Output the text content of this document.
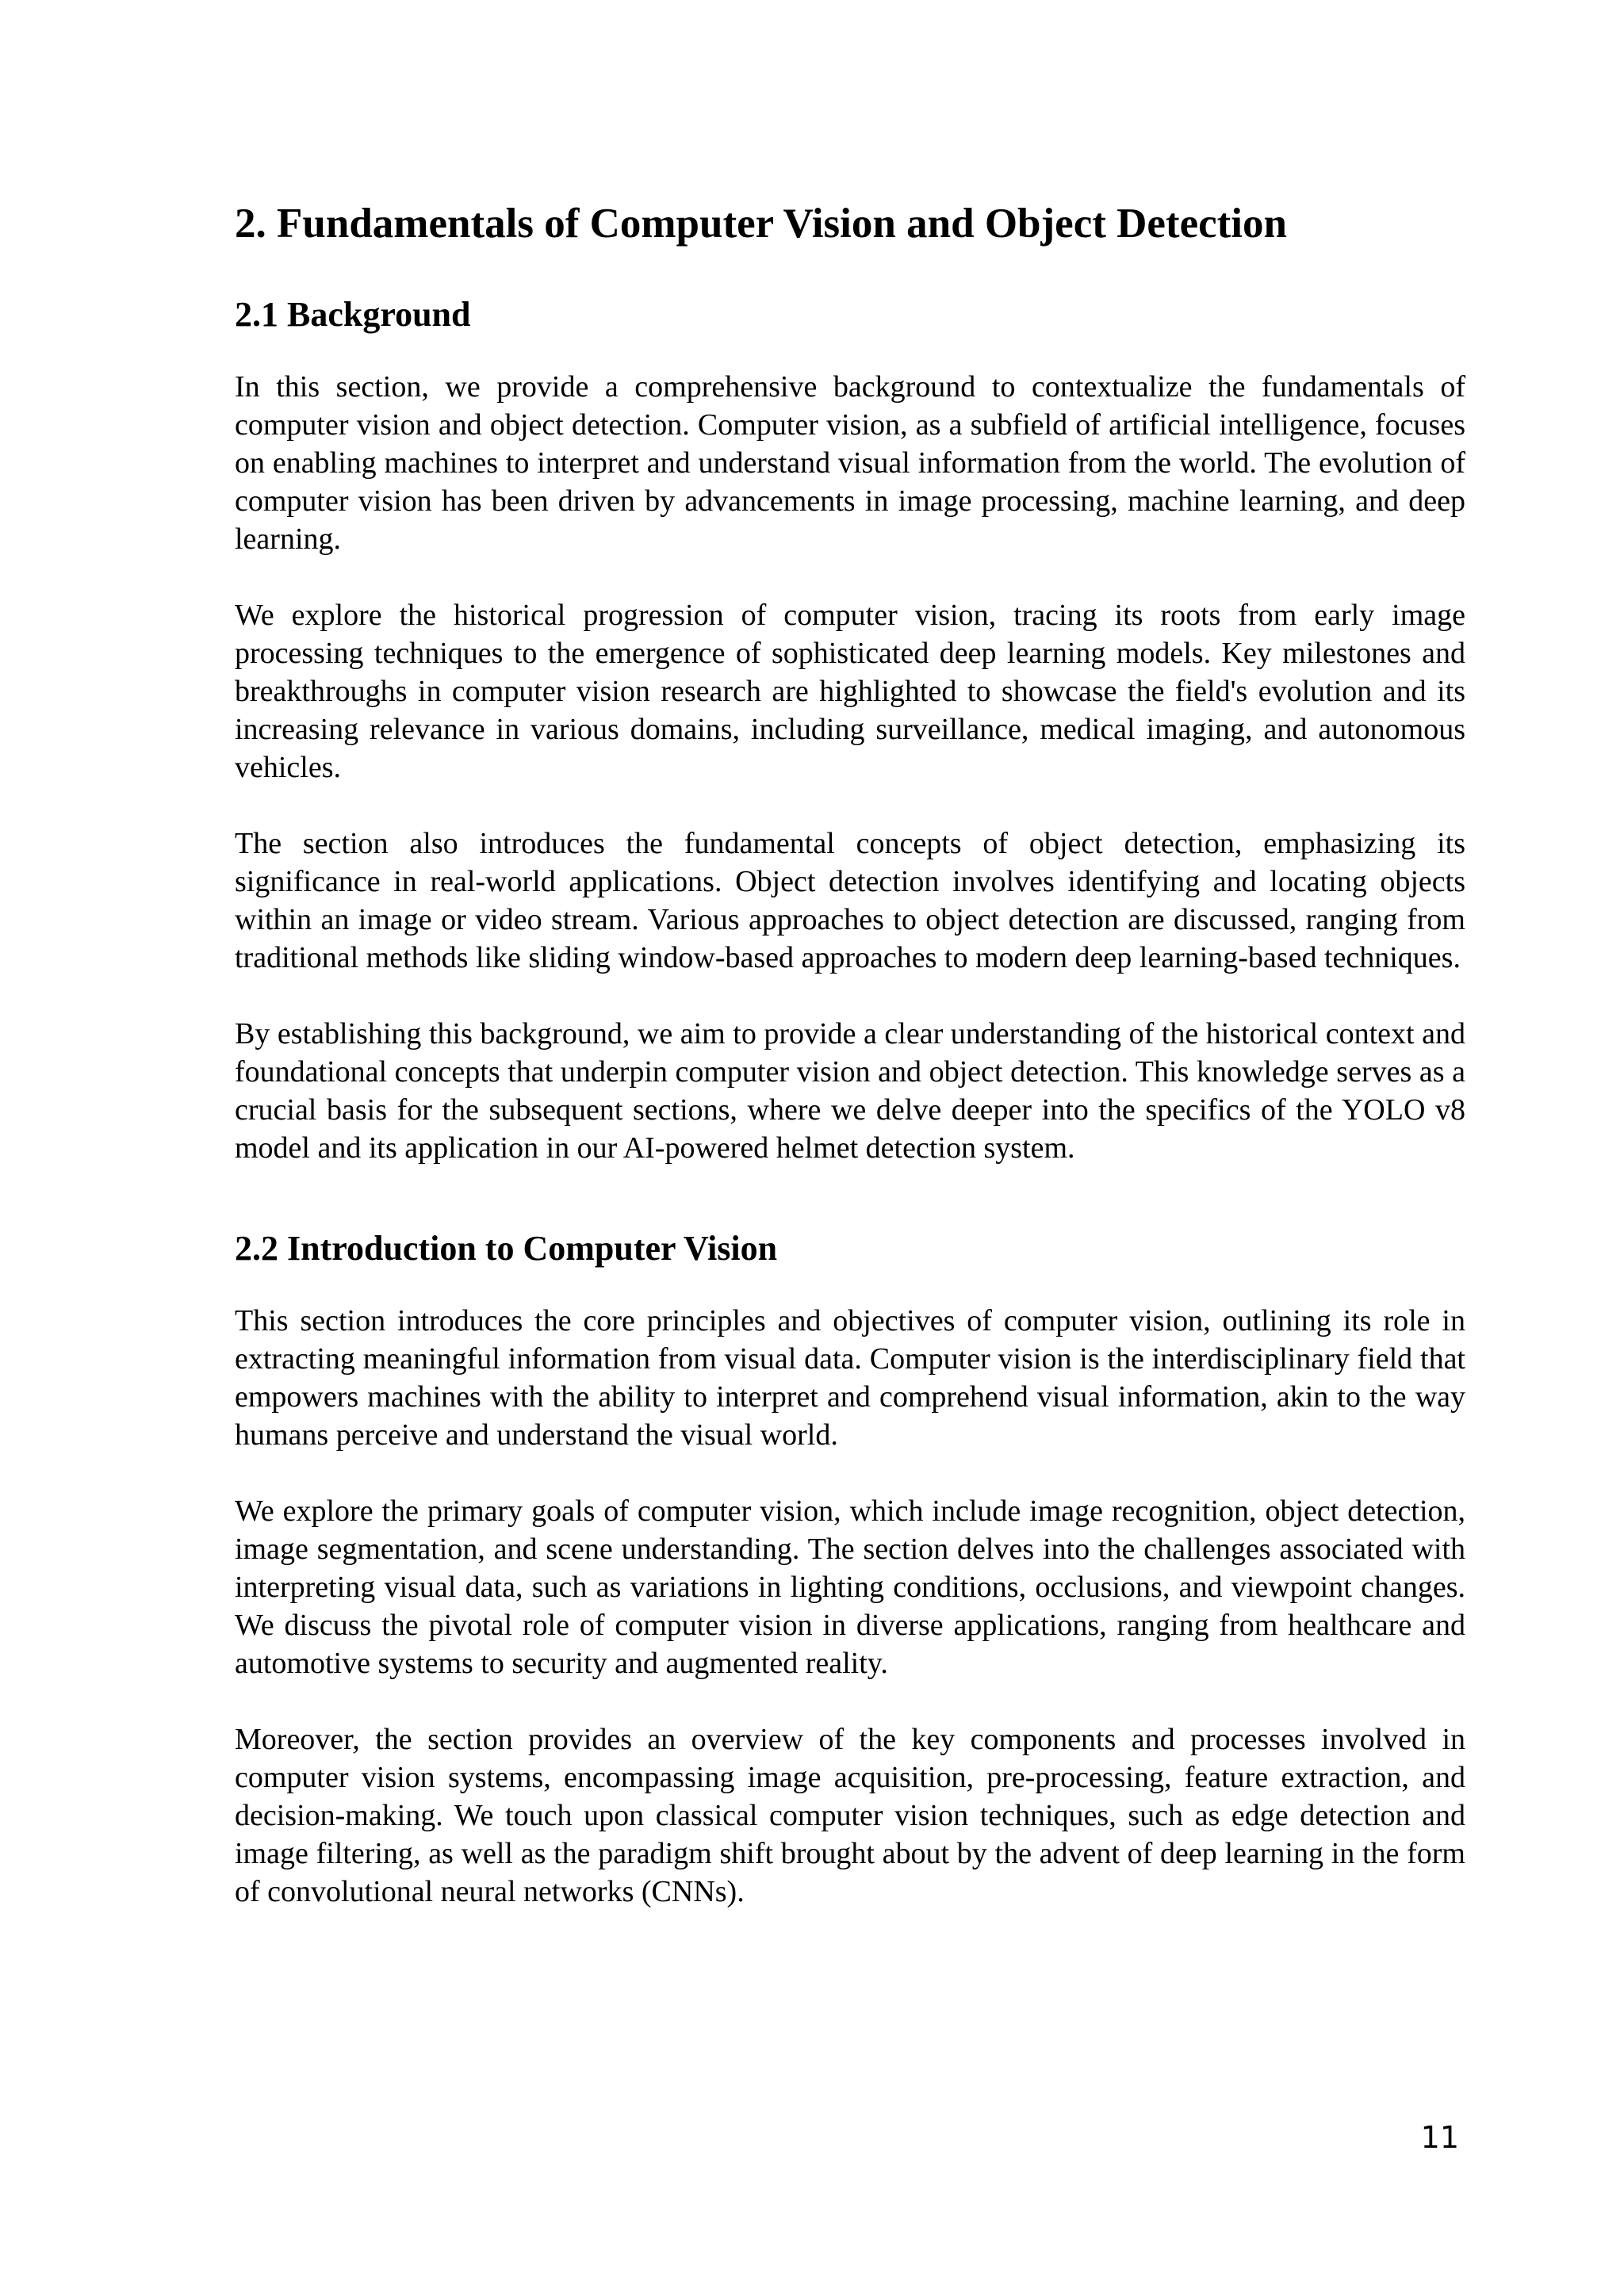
2. Fundamentals of Computer Vision and Object Detection
2.1 Background

In this section, we provide a comprehensive background to contextualize the fundamentals of computer vision and object detection. Computer vision, as a subfield of artificial intelligence, focuses on enabling machines to interpret and understand visual information from the world. The evolution of computer vision has been driven by advancements in image processing, machine learning, and deep learning.

We explore the historical progression of computer vision, tracing its roots from early image processing techniques to the emergence of sophisticated deep learning models. Key milestones and breakthroughs in computer vision research are highlighted to showcase the field's evolution and its increasing relevance in various domains, including surveillance, medical imaging, and autonomous vehicles.

The section also introduces the fundamental concepts of object detection, emphasizing its significance in real-world applications. Object detection involves identifying and locating objects within an image or video stream. Various approaches to object detection are discussed, ranging from traditional methods like sliding window-based approaches to modern deep learning-based techniques.

By establishing this background, we aim to provide a clear understanding of the historical context and foundational concepts that underpin computer vision and object detection. This knowledge serves as a crucial basis for the subsequent sections, where we delve deeper into the specifics of the YOLO v8 model and its application in our AI-powered helmet detection system.

2.2 Introduction to Computer Vision

This section introduces the core principles and objectives of computer vision, outlining its role in extracting meaningful information from visual data. Computer vision is the interdisciplinary field that empowers machines with the ability to interpret and comprehend visual information, akin to the way humans perceive and understand the visual world.

We explore the primary goals of computer vision, which include image recognition, object detection, image segmentation, and scene understanding. The section delves into the challenges associated with interpreting visual data, such as variations in lighting conditions, occlusions, and viewpoint changes. We discuss the pivotal role of computer vision in diverse applications, ranging from healthcare and automotive systems to security and augmented reality.

Moreover, the section provides an overview of the key components and processes involved in computer vision systems, encompassing image acquisition, pre-processing, feature extraction, and decision-making. We touch upon classical computer vision techniques, such as edge detection and image filtering, as well as the paradigm shift brought about by the advent of deep learning in the form of convolutional neural networks (CNNs).

11
